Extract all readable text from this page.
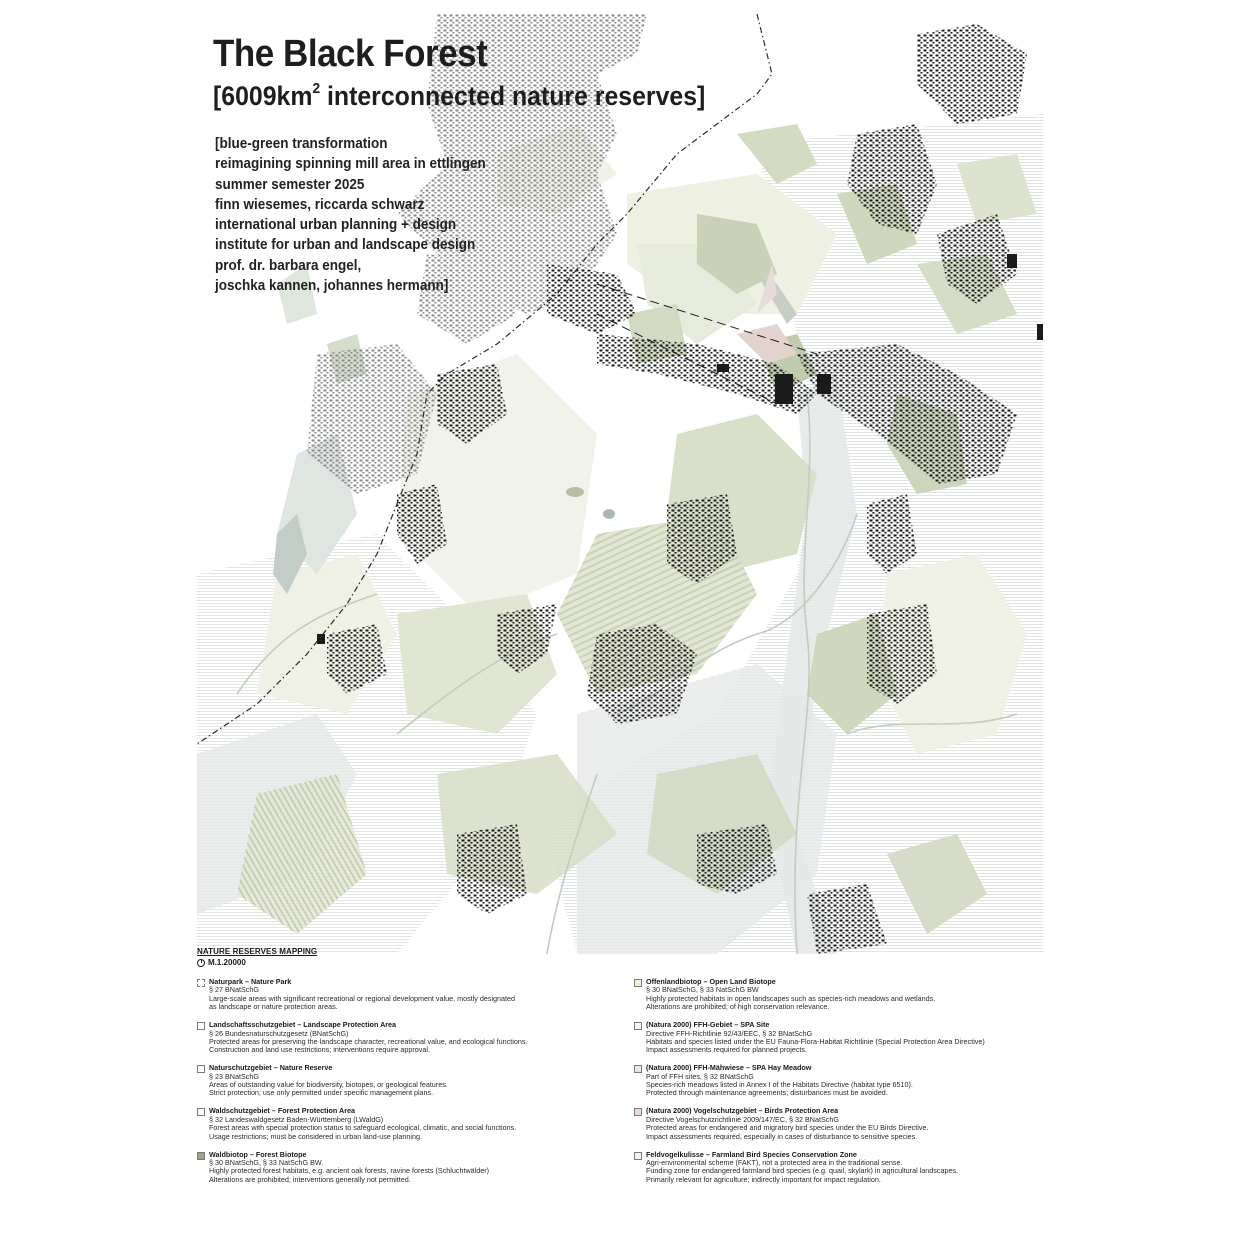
The Black Forest
[$6009km^2$ interconnected nature reserves]
[blue-green transformation
reimagining spinning mill area in ettlingen
summer semester 2025
finn wiesemes, riccarda schwarz
international urban planning + design
institute for urban and landscape design
prof. dr. barbara engel,
joschka kannen, johannes hermann]
NATURE RESERVES MAPPING
M.1.20000
Naturpark – Nature Park
§ 27 BNatSchG
Large-scale areas with significant recreational or regional development value, mostly designated
as landscape or nature protection areas.
Landschaftsschutzgebiet – Landscape Protection Area
§ 26 Bundesnaturschutzgesetz (BNatSchG)
Protected areas for preserving the landscape character, recreational value, and ecological functions.
Construction and land use restrictions; interventions require approval.
Naturschutzgebiet – Nature Reserve
§ 23 BNatSchG
Areas of outstanding value for biodiversity, biotopes, or geological features.
Strict protection; use only permitted under specific management plans.
Waldschutzgebiet – Forest Protection Area
§ 32 Landeswaldgesetz Baden-Württemberg (LWaldG)
Forest areas with special protection status to safeguard ecological, climatic, and social functions.
Usage restrictions; must be considered in urban land-use planning.
Waldbiotop – Forest Biotope
§ 30 BNatSchG, § 33 NatSchG BW.
Highly protected forest habitats, e.g. ancient oak forests, ravine forests (Schluchtwälder)
Alterations are prohibited; interventions generally not permitted.
Offenlandbiotop – Open Land Biotope
§ 30 BNatSchG, § 33 NatSchG BW
Highly protected habitats in open landscapes such as species-rich meadows and wetlands.
Alterations are prohibited; of high conservation relevance.
(Natura 2000) FFH-Gebiet – SPA Site
Directive FFH-Richtlinie 92/43/EEC, § 32 BNatSchG
Habitats and species listed under the EU Fauna-Flora-Habitat Richtlinie (Special Protection Area Directive)
Impact assessments required for planned projects.
(Natura 2000) FFH-Mähwiese – SPA Hay Meadow
Part of FFH sites, § 32 BNatSchG
Species-rich meadows listed in Annex I of the Habitats Directive (habitat type 6510).
Protected through maintenance agreements; disturbances must be avoided.
(Natura 2000) Vogelschutzgebiet – Birds Protection Area
Directive Vogelschutzrichtlinie 2009/147/EC, § 32 BNatSchG
Protected areas for endangered and migratory bird species under the EU Birds Directive.
Impact assessments required, especially in cases of disturbance to sensitive species.
Feldvogelkulisse – Farmland Bird Species Conservation Zone
Agri-environmental scheme (FAKT), not a protected area in the traditional sense.
Funding zone for endangered farmland bird species (e.g. quail, skylark) in agricultural landscapes.
Primarily relevant for agriculture; indirectly important for impact regulation.
